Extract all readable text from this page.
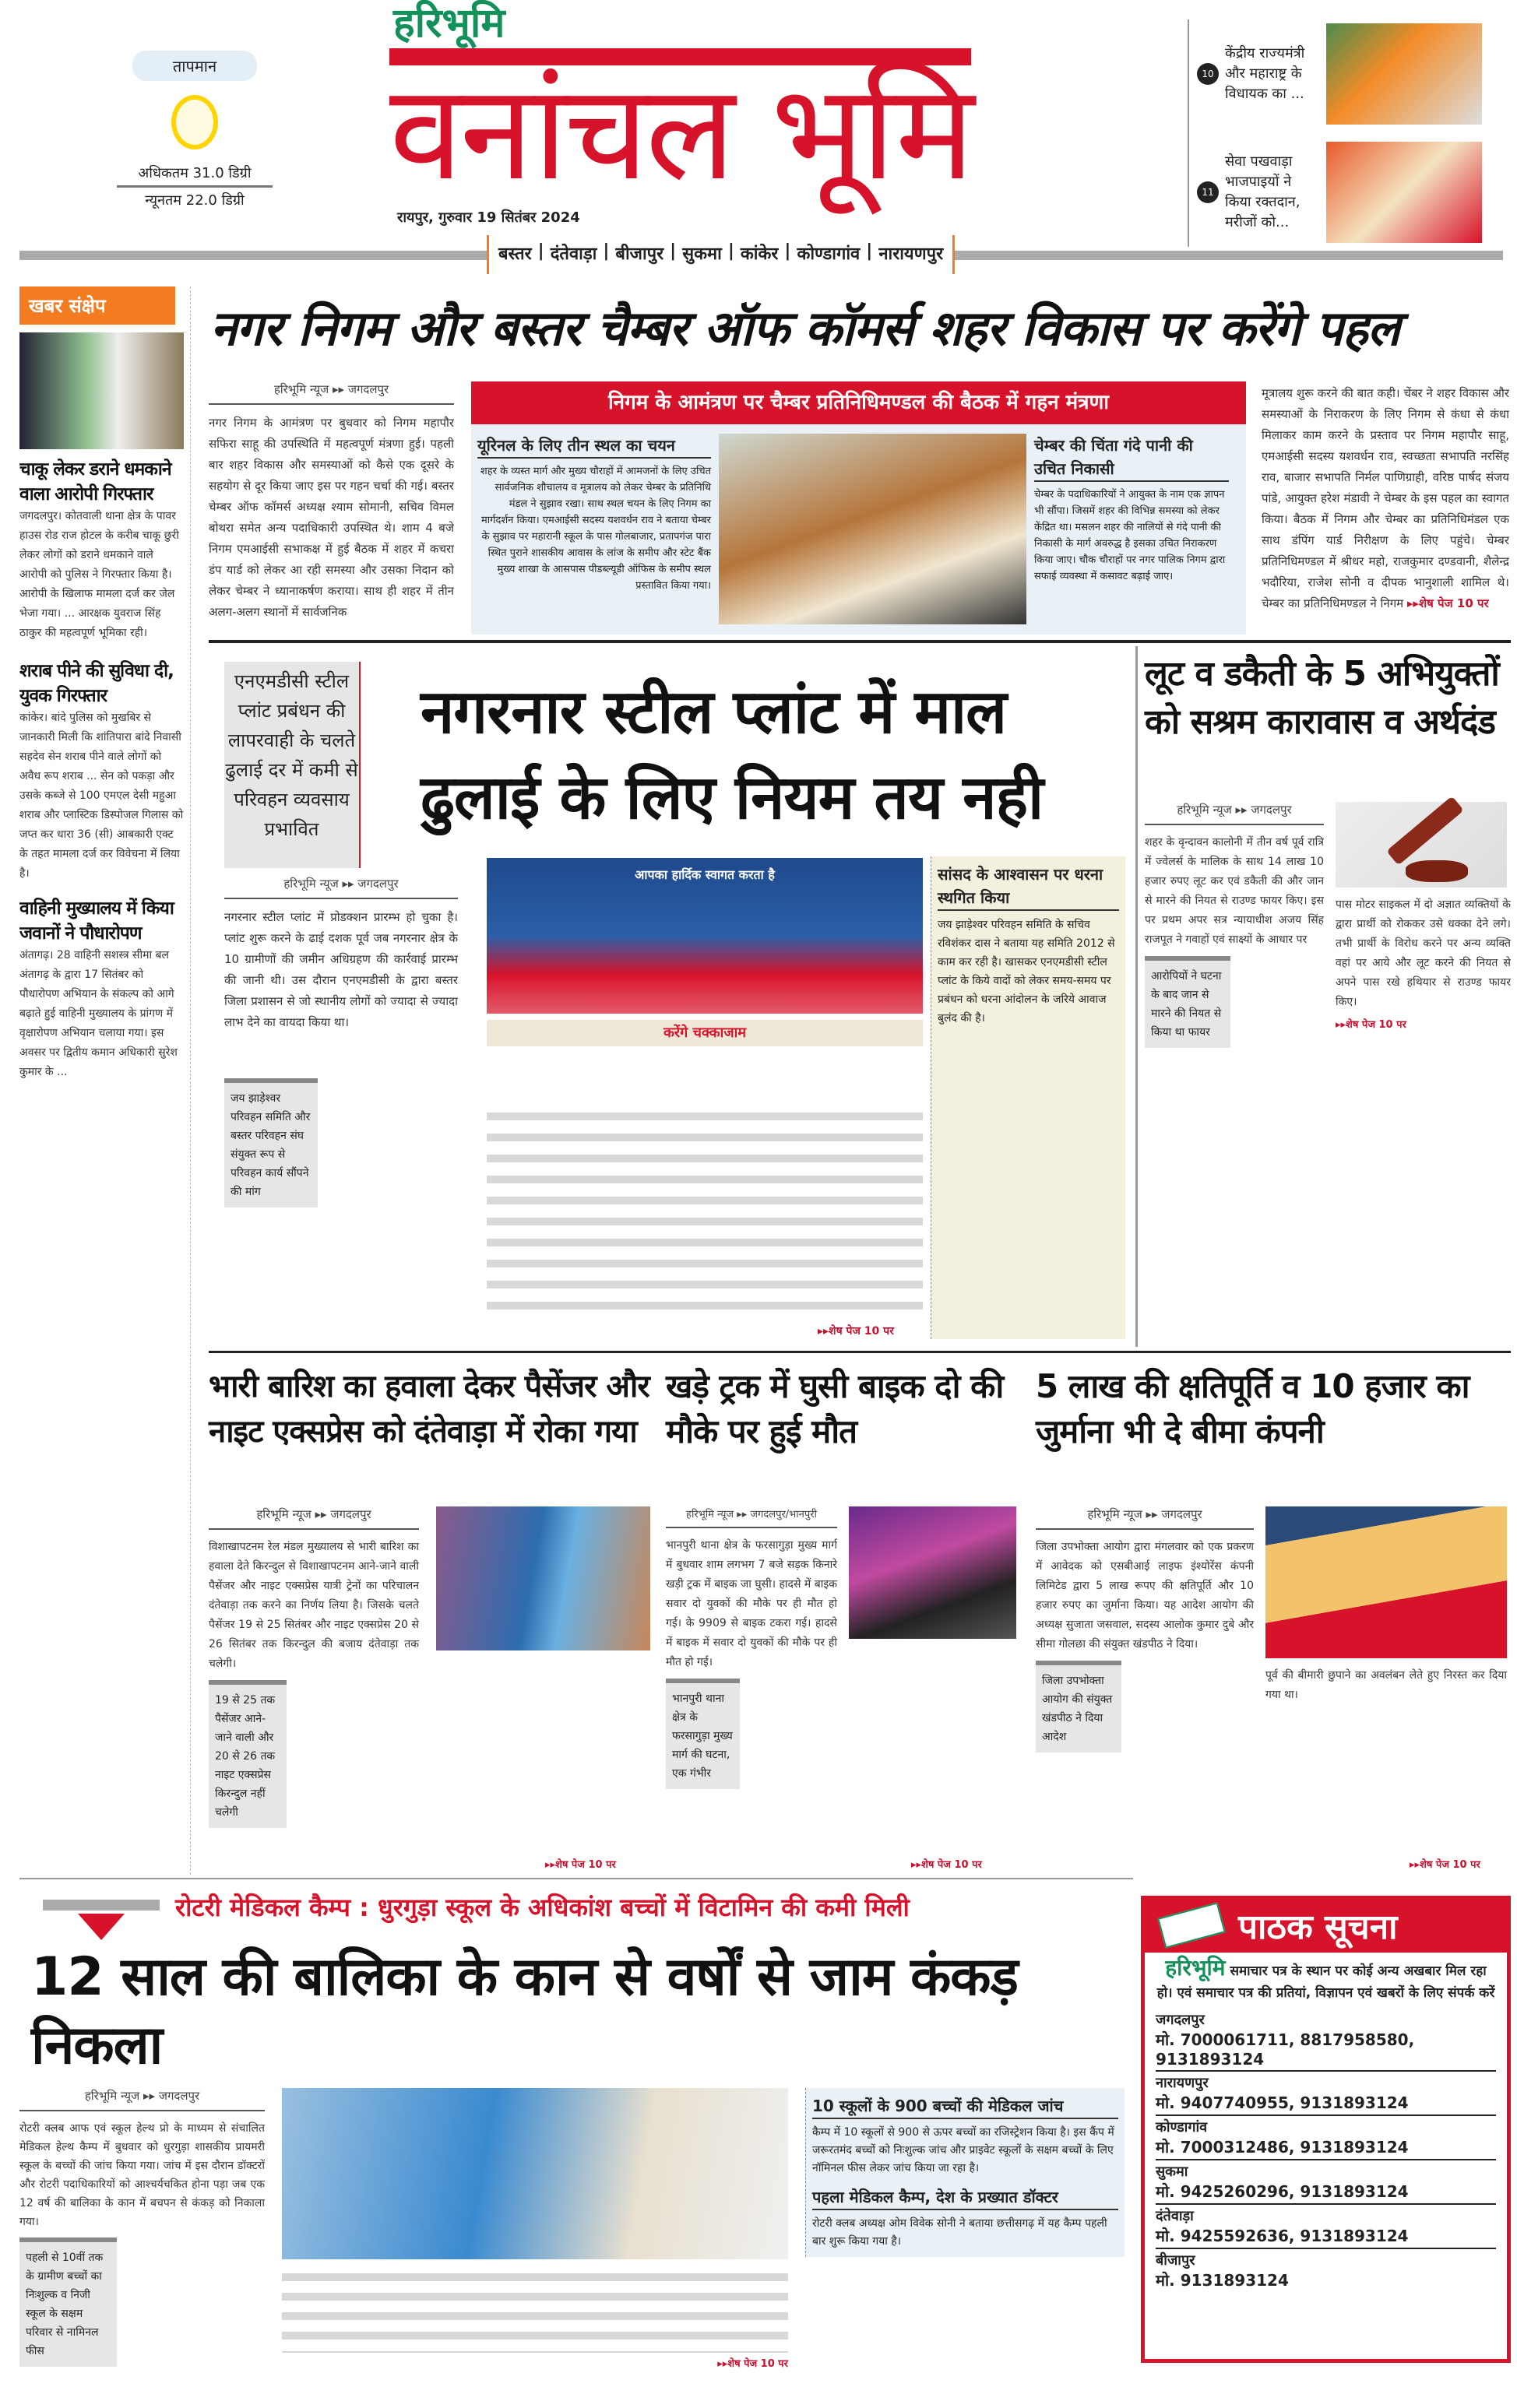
तापमान
अधिकतम 31.0 डिग्री
न्यूनतम 22.0 डिग्री
हरिभूमि
वनांचल भूमि
रायपुर, गुरुवार 19 सितंबर 2024
10
केंद्रीय राज्यमंत्री और महाराष्ट्र के विधायक का ...
11
सेवा पखवाड़ा भाजपाइयों ने किया रक्तदान, मरीजों को...
बस्तर | दंतेवाड़ा | बीजापुर | सुकमा | कांकेर | कोण्डागांव | नारायणपुर
खबर संक्षेप
चाकू लेकर डराने धमकाने वाला आरोपी गिरफ्तार
जगदलपुर। कोतवाली थाना क्षेत्र के पावर हाउस रोड राज होटल के करीब चाकू छुरी लेकर लोगों को डराने धमकाने वाले आरोपी को पुलिस ने गिरफ्तार किया है। आरोपी के खिलाफ मामला दर्ज कर जेल भेजा गया। ... आरक्षक युवराज सिंह ठाकुर की महत्वपूर्ण भूमिका रही।
शराब पीने की सुविधा दी, युवक गिरफ्तार
कांकेर। बांदे पुलिस को मुखबिर से जानकारी मिली कि शांतिपारा बांदे निवासी सहदेव सेन शराब पीने वाले लोगों को अवैध रूप शराब ... सेन को पकड़ा और उसके कब्जे से 100 एमएल देसी महुआ शराब और प्लास्टिक डिस्पोजल गिलास को जप्त कर धारा 36 (सी) आबकारी एक्ट के तहत मामला दर्ज कर विवेचना में लिया है।
वाहिनी मुख्यालय में किया जवानों ने पौधारोपण
अंतागढ़। 28 वाहिनी सशस्त्र सीमा बल अंतागढ़ के द्वारा 17 सितंबर को पौधारोपण अभियान के संकल्प को आगे बढ़ाते हुई वाहिनी मुख्यालय के प्रांगण में वृक्षारोपण अभियान चलाया गया। इस अवसर पर द्वितीय कमान अधिकारी सुरेश कुमार के ...
नगर निगम और बस्तर चैम्बर ऑफ कॉमर्स शहर विकास पर करेंगे पहल
हरिभूमि न्यूज ▸▸ जगदलपुर
नगर निगम के आमंत्रण पर बुधवार को निगम महापौर सफिरा साहू की उपस्थिति में महत्वपूर्ण मंत्रणा हुई। पहली बार शहर विकास और समस्याओं को कैसे एक दूसरे के सहयोग से दूर किया जाए इस पर गहन चर्चा की गई। बस्तर चेम्बर ऑफ कॉमर्स अध्यक्ष श्याम सोमानी, सचिव विमल बोथरा समेत अन्य पदाधिकारी उपस्थित थे। शाम 4 बजे निगम एमआईसी सभाकक्ष में हुई बैठक में शहर में कचरा डंप यार्ड को लेकर आ रही समस्या और उसका निदान को लेकर चेम्बर ने ध्यानाकर्षण कराया। साथ ही शहर में तीन अलग-अलग स्थानों में सार्वजनिक
निगम के आमंत्रण पर चैम्बर प्रतिनिधिमण्डल की बैठक में गहन मंत्रणा
यूरिनल के लिए तीन स्थल का चयन
शहर के व्यस्त मार्ग और मुख्य चौराहों में आमजनों के लिए उचित सार्वजनिक शौचालय व मूत्रालय को लेकर चेम्बर के प्रतिनिधि मंडल ने सुझाव रखा। साथ स्थल चयन के लिए निगम का मार्गदर्शन किया। एमआईसी सदस्य यशवर्धन राव ने बताया चेम्बर के सुझाव पर महारानी स्कूल के पास गोलबाजार, प्रतापगंज पारा स्थित पुराने शासकीय आवास के लांज के समीप और स्टेट बैंक मुख्य शाखा के आसपास पीडब्ल्यूडी ऑफिस के समीप स्थल प्रस्तावित किया गया।
चेम्बर की चिंता गंदे पानी की उचित निकासी
चेम्बर के पदाधिकारियों ने आयुक्त के नाम एक ज्ञापन भी सौंपा। जिसमें शहर की विभिन्न समस्या को लेकर केंद्रित था। मसलन शहर की नालियों से गंदे पानी की निकासी के मार्ग अवरुद्ध है इसका उचित निराकरण किया जाए। चौक चौराहों पर नगर पालिक निगम द्वारा सफाई व्यवस्था में कसावट बढ़ाई जाए।
मूत्रालय शुरू करने की बात कही। चेंबर ने शहर विकास और समस्याओं के निराकरण के लिए निगम से कंधा से कंधा मिलाकर काम करने के प्रस्ताव पर निगम महापौर साहू, एमआईसी सदस्य यशवर्धन राव, स्वच्छता सभापति नरसिंह राव, बाजार सभापति निर्मल पाणिग्राही, वरिष्ठ पार्षद संजय पांडे, आयुक्त हरेश मंडावी ने चेम्बर के इस पहल का स्वागत किया। बैठक में निगम और चेम्बर का प्रतिनिधिमंडल एक साथ डंपिंग यार्ड निरीक्षण के लिए पहुंचे। चेम्बर प्रतिनिधिमण्डल में श्रीधर महो, राजकुमार दण्डवानी, शैलेन्द्र भदौरिया, राजेश सोनी व दीपक भानुशाली शामिल थे। चेम्बर का प्रतिनिधिमण्डल ने निगम ▸▸शेष पेज 10 पर
एनएमडीसी स्टील प्लांट प्रबंधन की लापरवाही के चलते ढुलाई दर में कमी से परिवहन व्यवसाय प्रभावित
नगरनार स्टील प्लांट में माल ढुलाई के लिए नियम तय नही
हरिभूमि न्यूज ▸▸ जगदलपुर
नगरनार स्टील प्लांट में प्रोडक्शन प्रारम्भ हो चुका है। प्लांट शुरू करने के ढाई दशक पूर्व जब नगरनार क्षेत्र के 10 ग्रामीणों की जमीन अधिग्रहण की कार्रवाई प्रारम्भ की जानी थी। उस दौरान एनएमडीसी के द्वारा बस्तर जिला प्रशासन से जो स्थानीय लोगों को ज्यादा से ज्यादा लाभ देने का वायदा किया था।
जय झाड़ेश्वर परिवहन समिति और बस्तर परिवहन संघ संयुक्त रूप से परिवहन कार्य सौंपने की मांग
आपका हार्दिक स्वागत करता है
करेंगे चक्काजाम
सांसद के आश्वासन पर धरना स्थगित किया
जय झाड़ेश्वर परिवहन समिति के सचिव रविशंकर दास ने बताया यह समिति 2012 से काम कर रही है। खासकर एनएमडीसी स्टील प्लांट के किये वादों को लेकर समय-समय पर प्रबंधन को धरना आंदोलन के जरिये आवाज बुलंद की है।
▸▸शेष पेज 10 पर
लूट व डकैती के 5 अभियुक्तों को सश्रम कारावास व अर्थदंड
हरिभूमि न्यूज ▸▸ जगदलपुर
शहर के वृन्दावन कालोनी में तीन वर्ष पूर्व रात्रि में ज्वेलर्स के मालिक के साथ 14 लाख 10 हजार रुपए लूट कर एवं डकैती की और जान से मारने की नियत से राउण्ड फायर किए। इस पर प्रथम अपर सत्र न्यायाधीश अजय सिंह राजपूत ने गवाहों एवं साक्ष्यों के आधार पर
आरोपियों ने घटना के बाद जान से मारने की नियत से किया था फायर
पास मोटर साइकल में दो अज्ञात व्यक्तियों के द्वारा प्रार्थी को रोककर उसे धक्का देने लगे। तभी प्रार्थी के विरोध करने पर अन्य व्यक्ति वहां पर आये और लूट करने की नियत से अपने पास रखे हथियार से राउण्ड फायर किए।
▸▸शेष पेज 10 पर
भारी बारिश का हवाला देकर पैसेंजर और नाइट एक्सप्रेस को दंतेवाड़ा में रोका गया
हरिभूमि न्यूज ▸▸ जगदलपुर
विशाखापटनम रेल मंडल मुख्यालय से भारी बारिश का हवाला देते किरन्दुल से विशाखापटनम आने-जाने वाली पैसेंजर और नाइट एक्सप्रेस यात्री ट्रेनों का परिचालन दंतेवाड़ा तक करने का निर्णय लिया है। जिसके चलते पैसेंजर 19 से 25 सितंबर और नाइट एक्सप्रेस 20 से 26 सितंबर तक किरन्दुल की बजाय दंतेवाड़ा तक चलेगी।
19 से 25 तक पैसेंजर आने-जाने वाली और 20 से 26 तक नाइट एक्सप्रेस किरन्दुल नहीं चलेगी
▸▸शेष पेज 10 पर
खड़े ट्रक में घुसी बाइक दो की मौके पर हुई मौत
हरिभूमि न्यूज ▸▸ जगदलपुर/भानपुरी
भानपुरी थाना क्षेत्र के फरसागुड़ा मुख्य मार्ग में बुधवार शाम लगभग 7 बजे सड़क किनारे खड़ी ट्रक में बाइक जा घुसी। हादसे में बाइक सवार दो युवकों की मौके पर ही मौत हो गई। के 9909 से बाइक टकरा गई। हादसे में बाइक में सवार दो युवकों की मौके पर ही मौत हो गई।
भानपुरी थाना क्षेत्र के फरसागुड़ा मुख्य मार्ग की घटना, एक गंभीर
▸▸शेष पेज 10 पर
5 लाख की क्षतिपूर्ति व 10 हजार का जुर्माना भी दे बीमा कंपनी
हरिभूमि न्यूज ▸▸ जगदलपुर
जिला उपभोक्ता आयोग द्वारा मंगलवार को एक प्रकरण में आवेदक को एसबीआई लाइफ इंश्योरेंस कंपनी लिमिटेड द्वारा 5 लाख रूपए की क्षतिपूर्ति और 10 हजार रुपए का जुर्माना किया। यह आदेश आयोग की अध्यक्ष सुजाता जसवाल, सदस्य आलोक कुमार दुबे और सीमा गोलछा की संयुक्त खंडपीठ ने दिया।
जिला उपभोक्ता आयोग की संयुक्त खंडपीठ ने दिया आदेश
पूर्व की बीमारी छुपाने का अवलंबन लेते हुए निरस्त कर दिया गया था।
▸▸शेष पेज 10 पर
रोटरी मेडिकल कैम्प : धुरगुड़ा स्कूल के अधिकांश बच्चों में विटामिन की कमी मिली
12 साल की बालिका के कान से वर्षों से जाम कंकड़ निकला
हरिभूमि न्यूज ▸▸ जगदलपुर
रोटरी क्लब आफ एवं स्कूल हेल्थ प्रो के माध्यम से संचालित मेडिकल हेल्थ कैम्प में बुधवार को धुरगुड़ा शासकीय प्रायमरी स्कूल के बच्चों की जांच किया गया। जांच में इस दौरान डॉक्टरों और रोटरी पदाधिकारियों को आश्चर्यचकित होना पड़ा जब एक 12 वर्ष की बालिका के कान में बचपन से कंकड़ को निकाला गया।
पहली से 10वीं तक के ग्रामीण बच्चों का निःशुल्क व निजी स्कूल के सक्षम परिवार से नामिनल फीस
▸▸शेष पेज 10 पर
10 स्कूलों के 900 बच्चों की मेडिकल जांच
कैम्प में 10 स्कूलों से 900 से ऊपर बच्चों का रजिस्ट्रेशन किया है। इस कैंप में जरूरतमंद बच्चों को निःशुल्क जांच और प्राइवेट स्कूलों के सक्षम बच्चों के लिए नॉमिनल फीस लेकर जांच किया जा रहा है।
पहला मेडिकल कैम्प, देश के प्रख्यात डॉक्टर
रोटरी क्लब अध्यक्ष ओम विवेक सोनी ने बताया छत्तीसगढ़ में यह कैम्प पहली बार शुरू किया गया है।
पाठक सूचना
हरिभूमि समाचार पत्र के स्थान पर कोई अन्य अखबार मिल रहा हो। एवं समाचार पत्र की प्रतियां, विज्ञापन एवं खबरों के लिए संपर्क करें
जगदलपुर
मो. 7000061711, 8817958580, 9131893124
नारायणपुर
मो. 9407740955, 9131893124
कोण्डागांव
मो. 7000312486, 9131893124
सुकमा
मो. 9425260296, 9131893124
दंतेवाड़ा
मो. 9425592636, 9131893124
बीजापुर
मो. 9131893124
